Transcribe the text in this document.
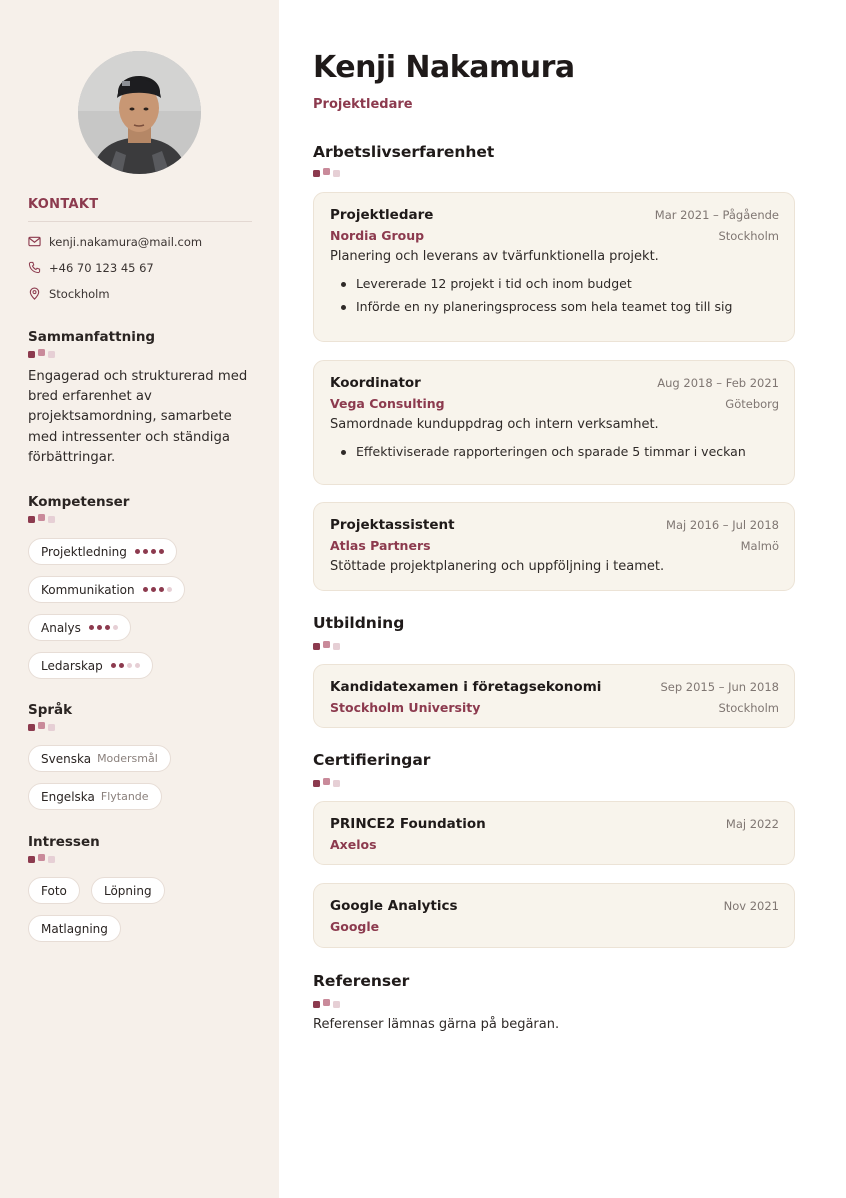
KONTAKT
kenji.nakamura@mail.com
+46 70 123 45 67
Stockholm
Sammanfattning
Engagerad och strukturerad med bred erfarenhet av projektsamordning, samarbete med intressenter och ständiga förbättringar.
Kompetenser
Projektledning
Kommunikation
Analys
Ledarskap
Språk
Svenska Modersmål
Engelska Flytande
Intressen
Foto	Löpning
Matlagning
Kenji Nakamura
Projektledare
Arbetslivserfarenhet
Projektledare	Mar 2021 – Pågående
Nordia Group	Stockholm
Planering och leverans av tvärfunktionella projekt.
Levererade 12 projekt i tid och inom budget
Införde en ny planeringsprocess som hela teamet tog till sig
Koordinator	Aug 2018 – Feb 2021
Vega Consulting	Göteborg
Samordnade kunduppdrag och intern verksamhet.
Effektiviserade rapporteringen och sparade 5 timmar i veckan
Projektassistent	Maj 2016 – Jul 2018
Atlas Partners	Malmö
Stöttade projektplanering och uppföljning i teamet.
Utbildning
Kandidatexamen i företagsekonomi	Sep 2015 – Jun 2018
Stockholm University	Stockholm
Certifieringar
PRINCE2 Foundation	Maj 2022
Axelos
Google Analytics	Nov 2021
Google
Referenser
Referenser lämnas gärna på begäran.
